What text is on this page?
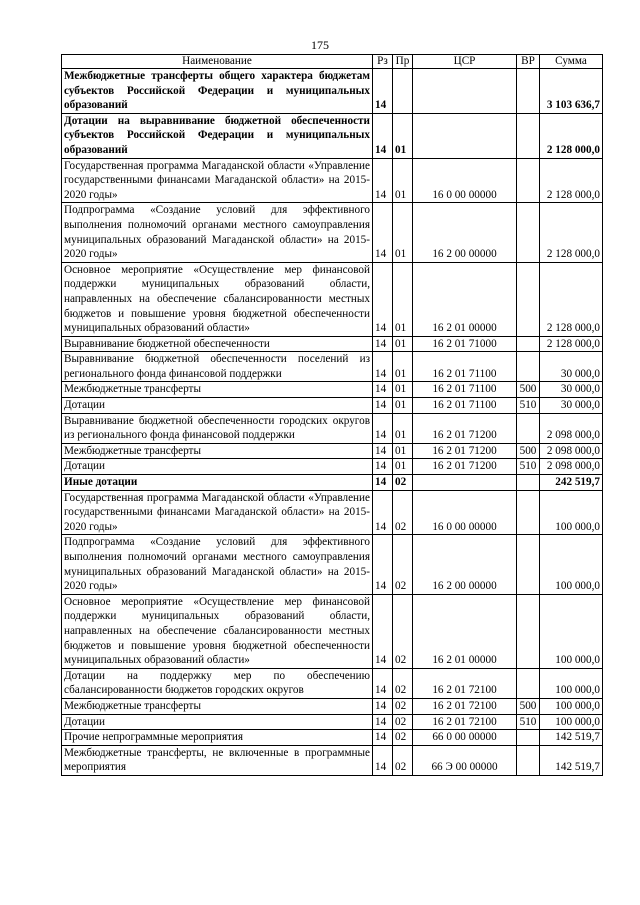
175
Наименование	Рз	Пр	ЦСР	ВР	Сумма
Межбюджетные трансферты общего характера бюджетам субъектов Российской Федерации и муниципальных образований	14				3 103 636,7
Дотации на выравнивание бюджетной обеспеченности субъектов Российской Федерации и муниципальных образований	14	01			2 128 000,0
Государственная программа Магаданской области «Управление государственными финансами Магаданской области» на 2015-2020 годы»	14	01	16 0 00 00000		2 128 000,0
Подпрограмма «Создание условий для эффективного выполнения полномочий органами местного самоуправления муниципальных образований Магаданской области» на 2015-2020 годы»	14	01	16 2 00 00000		2 128 000,0
Основное мероприятие «Осуществление мер финансовой поддержки муниципальных образований области, направленных на обеспечение сбалансированности местных бюджетов и повышение уровня бюджетной обеспеченности муниципальных образований области»	14	01	16 2 01 00000		2 128 000,0
Выравнивание бюджетной обеспеченности	14	01	16 2 01 71000		2 128 000,0
Выравнивание бюджетной обеспеченности поселений из регионального фонда финансовой поддержки	14	01	16 2 01 71100		30 000,0
Межбюджетные трансферты	14	01	16 2 01 71100	500	30 000,0
Дотации	14	01	16 2 01 71100	510	30 000,0
Выравнивание бюджетной обеспеченности городских округов из регионального фонда финансовой поддержки	14	01	16 2 01 71200		2 098 000,0
Межбюджетные трансферты	14	01	16 2 01 71200	500	2 098 000,0
Дотации	14	01	16 2 01 71200	510	2 098 000,0
Иные дотации	14	02			242 519,7
Государственная программа Магаданской области «Управление государственными финансами Магаданской области» на 2015-2020 годы»	14	02	16 0 00 00000		100 000,0
Подпрограмма «Создание условий для эффективного выполнения полномочий органами местного самоуправления муниципальных образований Магаданской области» на 2015-2020 годы»	14	02	16 2 00 00000		100 000,0
Основное мероприятие «Осуществление мер финансовой поддержки муниципальных образований области, направленных на обеспечение сбалансированности местных бюджетов и повышение уровня бюджетной обеспеченности муниципальных образований области»	14	02	16 2 01 00000		100 000,0
Дотации на поддержку мер по обеспечению сбалансированности бюджетов городских округов	14	02	16 2 01 72100		100 000,0
Межбюджетные трансферты	14	02	16 2 01 72100	500	100 000,0
Дотации	14	02	16 2 01 72100	510	100 000,0
Прочие непрограммные мероприятия	14	02	66 0 00 00000		142 519,7
Межбюджетные трансферты, не включенные в программные мероприятия	14	02	66 Э 00 00000		142 519,7
